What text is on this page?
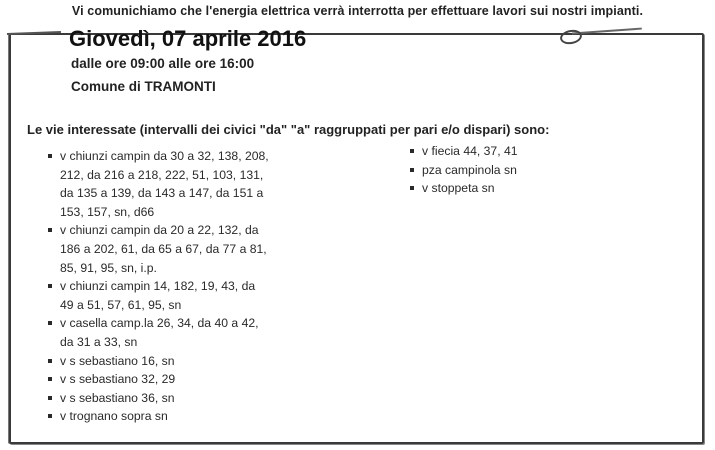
Vi comunichiamo che l'energia elettrica verrà interrotta per effettuare lavori sui nostri impianti.
Giovedì, 07 aprile 2016
dalle ore 09:00 alle ore 16:00
Comune di TRAMONTI
Le vie interessate (intervalli dei civici "da" "a" raggruppati per pari e/o dispari) sono:
v chiunzi campin da 30 a 32, 138, 208,
212, da 216 a 218, 222, 51, 103, 131,
da 135 a 139, da 143 a 147, da 151 a
153, 157, sn, d66
v chiunzi campin da 20 a 22, 132, da
186 a 202, 61, da 65 a 67, da 77 a 81,
85, 91, 95, sn, i.p.
v chiunzi campin 14, 182, 19, 43, da
49 a 51, 57, 61, 95, sn
v casella camp.la 26, 34, da 40 a 42,
da 31 a 33, sn
v s sebastiano 16, sn
v s sebastiano 32, 29
v s sebastiano 36, sn
v trognano sopra sn
v fiecia 44, 37, 41
pza campinola sn
v stoppeta sn
